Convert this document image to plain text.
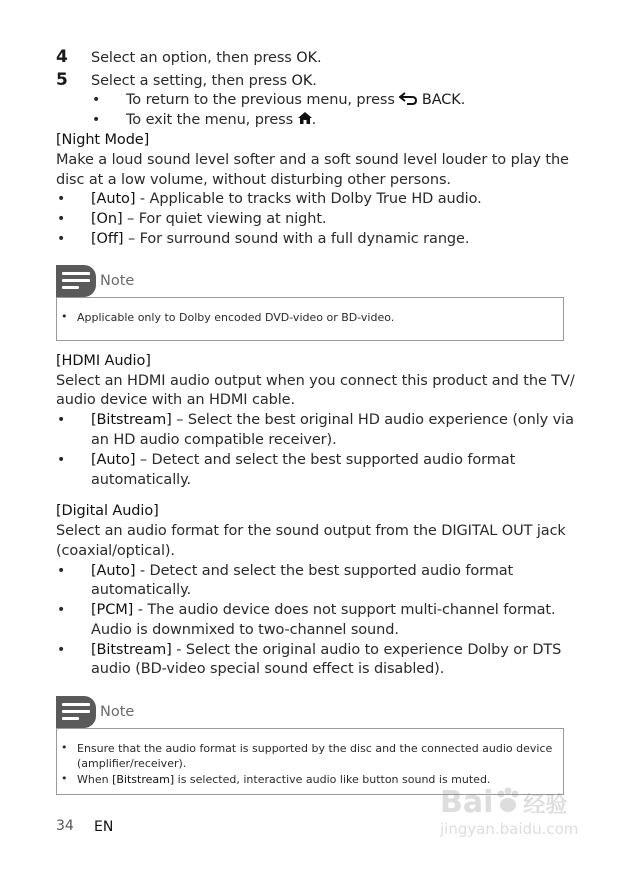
4 Select an option, then press OK.
5 Select a setting, then press OK.
• To return to the previous menu, press  BACK.
• To exit the menu, press .
[Night Mode]
Make a loud sound level softer and a soft sound level louder to play the
disc at a low volume, without disturbing other persons.
• [Auto] - Applicable to tracks with Dolby True HD audio.
• [On] – For quiet viewing at night.
• [Off] – For surround sound with a full dynamic range.
Note
• Applicable only to Dolby encoded DVD-video or BD-video.
[HDMI Audio]
Select an HDMI audio output when you connect this product and the TV/
audio device with an HDMI cable.
• [Bitstream] – Select the best original HD audio experience (only via
an HD audio compatible receiver).
• [Auto] – Detect and select the best supported audio format
automatically.
[Digital Audio]
Select an audio format for the sound output from the DIGITAL OUT jack
(coaxial/optical).
• [Auto] - Detect and select the best supported audio format
automatically.
• [PCM] - The audio device does not support multi-channel format.
Audio is downmixed to two-channel sound.
• [Bitstream] - Select the original audio to experience Dolby or DTS
audio (BD-video special sound effect is disabled).
Note
• Ensure that the audio format is supported by the disc and the connected audio device
(amplifier/receiver).
• When [Bitstream] is selected, interactive audio like button sound is muted.
34 EN
Bai 经验
jingyan.baidu.com
